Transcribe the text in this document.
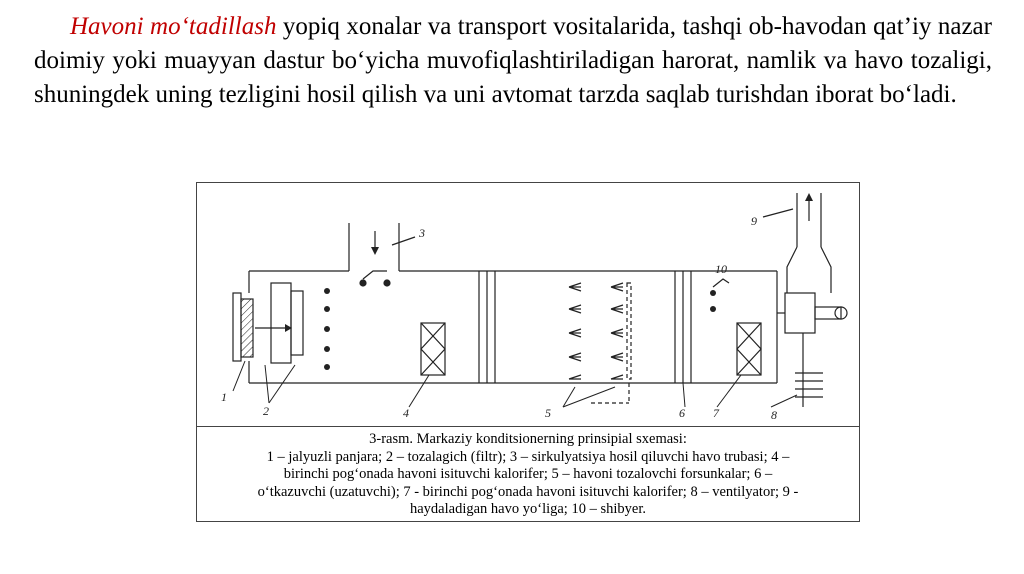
Havoni mo‘tadillash yopiq xonalar va transport vositalarida, tashqi ob-havodan qat’iy nazar doimiy yoki muayyan dastur bo‘yicha muvofiqlashtiriladigan harorat, namlik va havo tozaligi, shuningdek uning tezligini hosil qilish va uni avtomat tarzda saqlab turishdan iborat bo‘ladi.

1
2
3
4	5	6 7	8
9
10
3-rasm. Markaziy konditsionerning prinsipial sxemasi:
1 – jalyuzli panjara; 2 – tozalagich (filtr); 3 – sirkulyatsiya hosil qiluvchi havo trubasi; 4 –
birinchi pog‘onada havoni isituvchi kalorifer; 5 – havoni tozalovchi forsunkalar; 6 –
o‘tkazuvchi (uzatuvchi); 7 - birinchi pog‘onada havoni isituvchi kalorifer; 8 – ventilyator; 9 -
haydaladigan havo yo‘liga; 10 – shibyer.
